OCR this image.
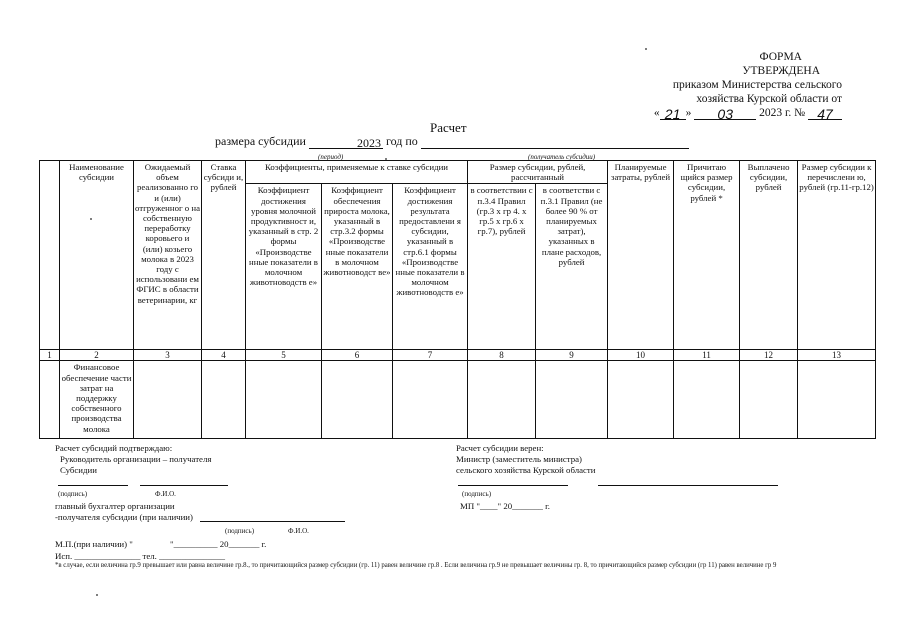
ФОРМА
УТВЕРЖДЕНА
приказом Министерства сельского
хозяйства Курской области от
« 21 » 03 2023 г. № 47
Расчет
размера субсидии	2023 год по
(период)	(получатель субсидии)
	Наименование субсидии	Ожидаемый объем реализованно го и (или) отгруженног о на собственную переработку коровьего и (или) козьего молока в 2023 году с использовани ем ФГИС в области ветеринарии, кг	Ставка субсиди и, рублей	Коэффициенты, применяемые к ставке субсидии			Размер субсидии, рублей, рассчитанный		Планируемые затраты, рублей	Причитаю щийся размер субсидии, рублей *	Выплачено субсидии, рублей	Размер субсидии к перечислени ю, рублей (гр.11-гр.12)
				Коэффициент достижения уровня молочной продуктивност и, указанный в стр. 2 формы «Производстве нные показатели в молочном животноводств е»	Коэффициент обеспечения прироста молока, указанный в стр.3.2 формы «Производстве нные показатели в молочном животноводст ве»	Коэффициент достижения результата предоставлени я субсидии, указанный в стр.6.1 формы «Производстве нные показатели в молочном животноводств е»	в соответствии с п.3.4 Правил (гр.3 х гр 4. х гр.5 х гр.6 х гр.7), рублей	в соответстви с п.3.1 Правил (не более 90 % от планируемых затрат), указанных в плане расходов, рублей				
1	2	3	4	5	6	7	8	9	10	11	12	13
	Финансовое обеспечение части затрат на поддержку собственного производства молока											
Расчет субсидий подтверждаю:
Руководитель организации – получателя
Субсидии
(подпись)	Ф.И.О.
главный бухгалтер организации
-получателя субсидии (при наличии)
(подпись)	Ф.И.О.
М.П.(при наличии) "	"__________ 20_______ г.
Исп. _______________ тел. _______________
*в случае, если величина гр.9 превышает или равна величине гр.8., то причитающийся размер субсидии (гр. 11) равен величине гр.8 . Если величина гр.9 не превышает величины гр. 8, то причитающийся размер субсидии (гр 11) равен величине гр 9
Расчет субсидии верен:
Министр (заместитель министра)
сельского хозяйства Курской области
(подпись)
МП "____" 20_______ г.
